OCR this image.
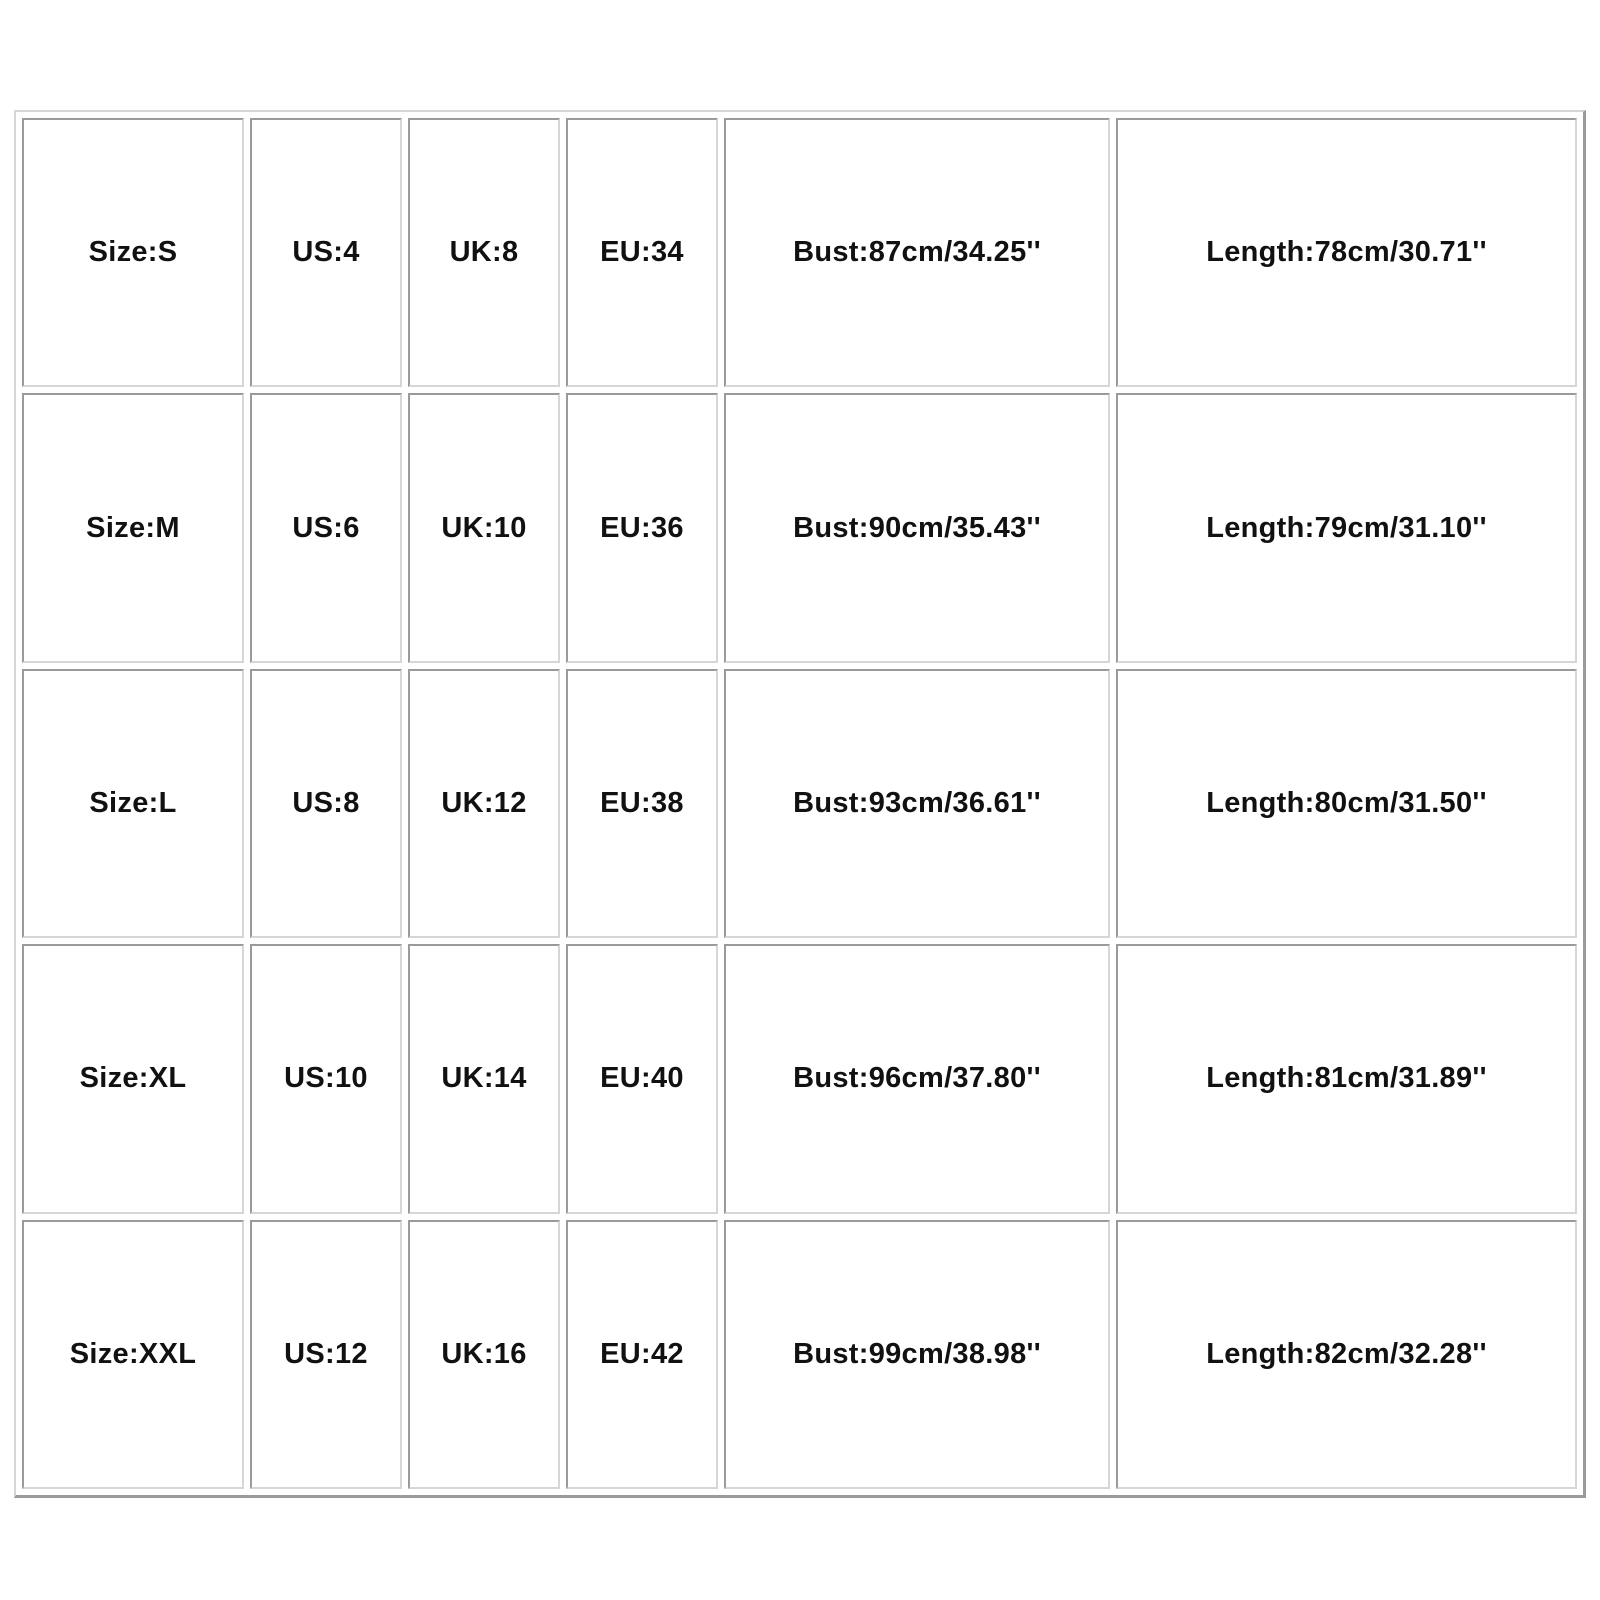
Size:S	US:4	UK:8	EU:34	Bust:87cm/34.25''	Length:78cm/30.71''
Size:M	US:6	UK:10	EU:36	Bust:90cm/35.43''	Length:79cm/31.10''
Size:L	US:8	UK:12	EU:38	Bust:93cm/36.61''	Length:80cm/31.50''
Size:XL	US:10	UK:14	EU:40	Bust:96cm/37.80''	Length:81cm/31.89''
Size:XXL	US:12	UK:16	EU:42	Bust:99cm/38.98''	Length:82cm/32.28''
